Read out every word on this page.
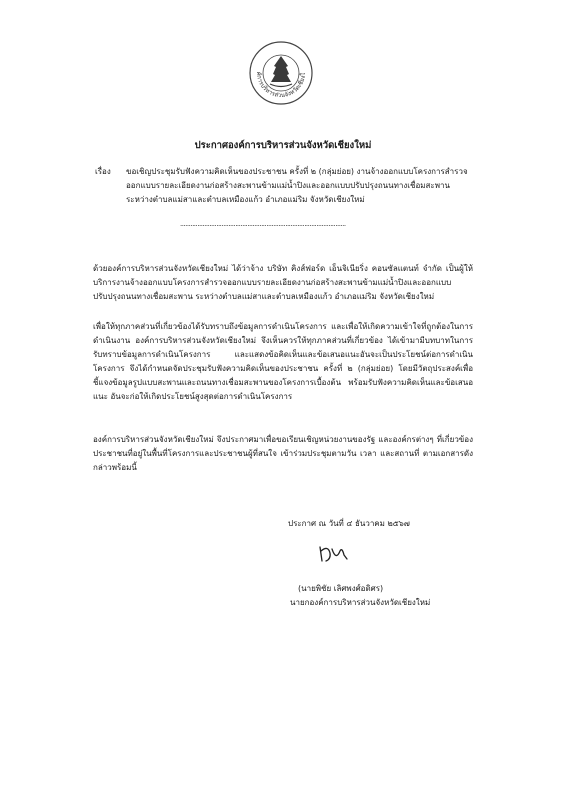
ค์การบริหารส่วนจังหวัดเชียงใ
ประกาศองค์การบริหารส่วนจังหวัดเชียงใหม่
เรื่อง ขอเชิญประชุมรับฟังความคิดเห็นของประชาชน ครั้งที่ ๒ (กลุ่มย่อย) งานจ้างออกแบบโครงการสำรวจออกแบบรายละเอียดงานก่อสร้างสะพานข้ามแม่น้ำปิงและออกแบบปรับปรุงถนนทางเชื่อมสะพาน ระหว่างตำบลแม่สาและตำบลเหมืองแก้ว อำเภอแม่ริม จังหวัดเชียงใหม่
................................................................................................

ด้วยองค์การบริหารส่วนจังหวัดเชียงใหม่ ได้ว่าจ้าง บริษัท คิงส์ฟอร์ด เอ็นจิเนียริ่ง คอนซัลแตนท์ จำกัด เป็นผู้ให้บริการงานจ้างออกแบบโครงการสำรวจออกแบบรายละเอียดงานก่อสร้างสะพานข้ามแม่น้ำปิงและออกแบบปรับปรุงถนนทางเชื่อมสะพาน ระหว่างตำบลแม่สาและตำบลเหมืองแก้ว อำเภอแม่ริม จังหวัดเชียงใหม่

เพื่อให้ทุกภาคส่วนที่เกี่ยวข้องได้รับทราบถึงข้อมูลการดำเนินโครงการ และเพื่อให้เกิดความเข้าใจที่ถูกต้องในการดำเนินงาน องค์การบริหารส่วนจังหวัดเชียงใหม่ จึงเห็นควรให้ทุกภาคส่วนที่เกี่ยวข้อง ได้เข้ามามีบทบาทในการรับทราบข้อมูลการดำเนินโครงการ และแสดงข้อคิดเห็นและข้อเสนอแนะอันจะเป็นประโยชน์ต่อการดำเนินโครงการ จึงได้กำหนดจัดประชุมรับฟังความคิดเห็นของประชาชน ครั้งที่ ๒ (กลุ่มย่อย) โดยมีวัตถุประสงค์เพื่อชี้แจงข้อมูลรูปแบบสะพานและถนนทางเชื่อมสะพานของโครงการเบื้องต้น พร้อมรับฟังความคิดเห็นและข้อเสนอแนะ อันจะก่อให้เกิดประโยชน์สูงสุดต่อการดำเนินโครงการ

องค์การบริหารส่วนจังหวัดเชียงใหม่ จึงประกาศมาเพื่อขอเรียนเชิญหน่วยงานของรัฐ และองค์กรต่างๆ ที่เกี่ยวข้อง ประชาชนที่อยู่ในพื้นที่โครงการและประชาชนผู้ที่สนใจ เข้าร่วมประชุมตามวัน เวลา และสถานที่ ตามเอกสารดังกล่าวพร้อมนี้

ประกาศ ณ วันที่ ๔ ธันวาคม ๒๕๖๗
(นายพิชัย เลิศพงศ์อดิศร)
นายกองค์การบริหารส่วนจังหวัดเชียงใหม่
